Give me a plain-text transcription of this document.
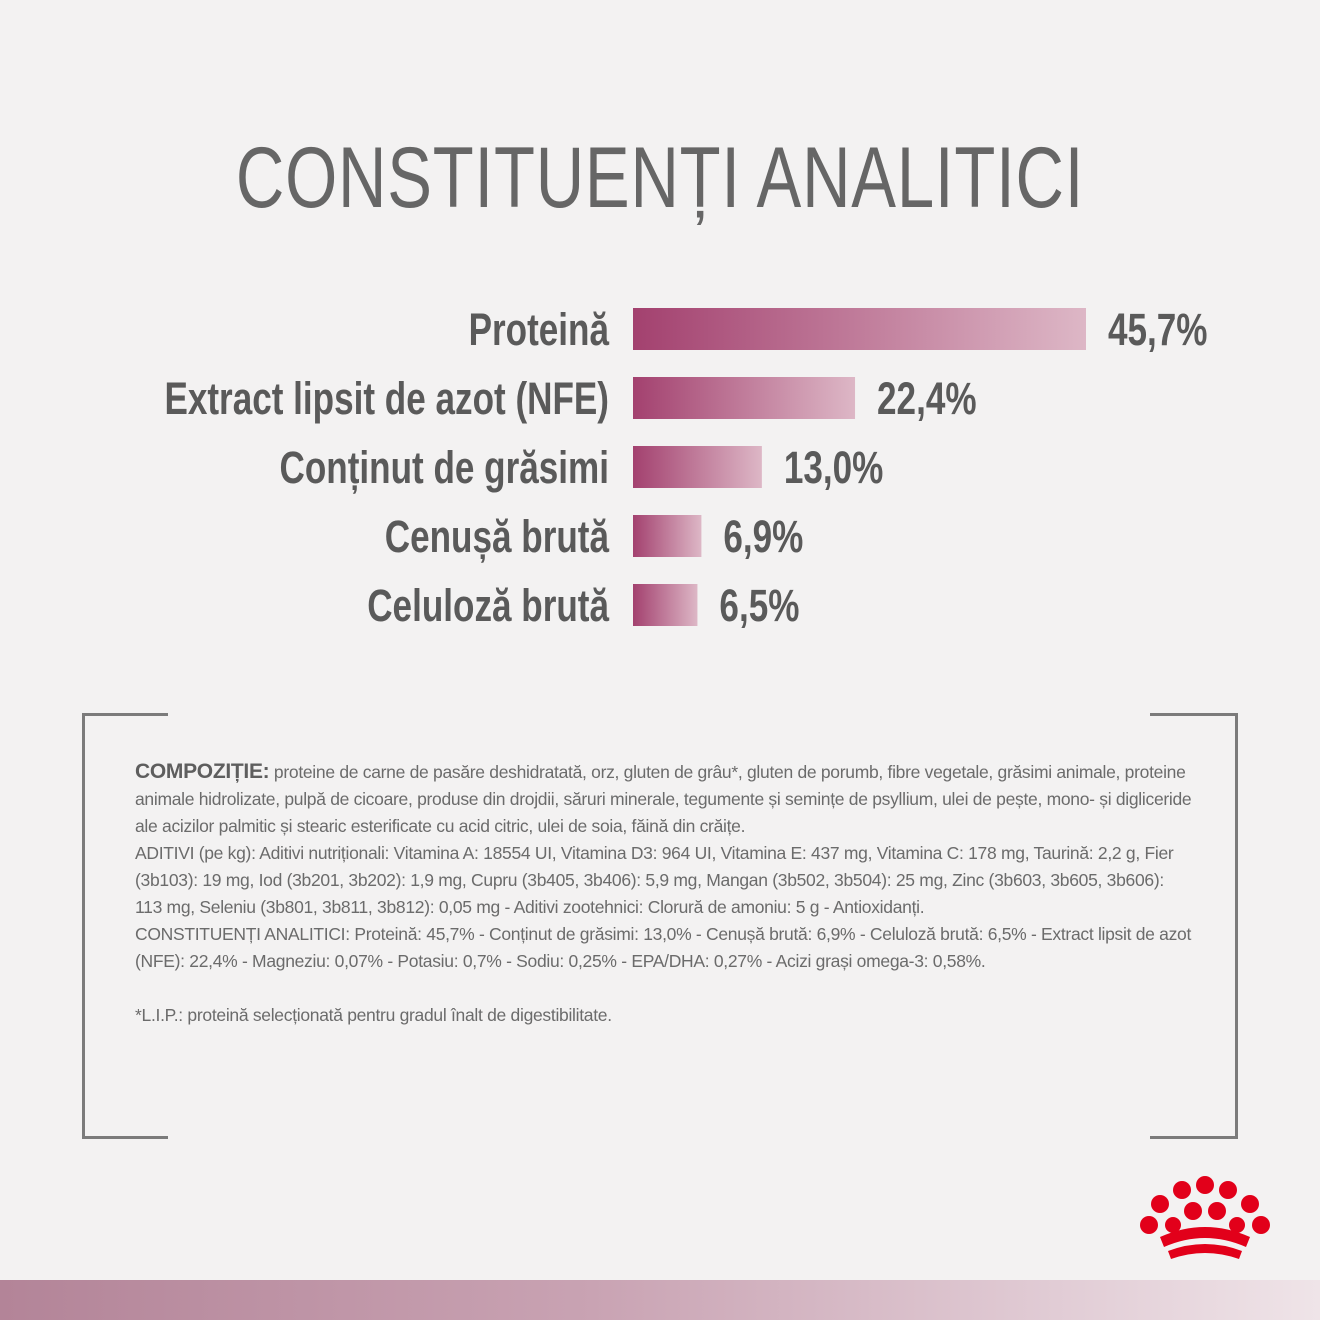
CONSTITUENȚI ANALITICI
Proteină	45,7%
Extract lipsit de azot (NFE)	22,4%
Conținut de grăsimi	13,0%
Cenușă brută	6,9%
Celuloză brută 6,5%

COMPOZIȚIE: proteine de carne de pasăre deshidratată, orz, gluten de grâu*, gluten de porumb, fibre vegetale, grăsimi animale, proteine animale hidrolizate, pulpă de cicoare, produse din drojdii, săruri minerale, tegumente și semințe de psyllium, ulei de pește, mono- și digliceride ale acizilor palmitic și stearic esterificate cu acid citric, ulei de soia, făină din crăițe.

ADITIVI (pe kg): Aditivi nutriționali: Vitamina A: 18554 UI, Vitamina D3: 964 UI, Vitamina E: 437 mg, Vitamina C: 178 mg, Taurină: 2,2 g, Fier (3b103): 19 mg, Iod (3b201, 3b202): 1,9 mg, Cupru (3b405, 3b406): 5,9 mg, Mangan (3b502, 3b504): 25 mg, Zinc (3b603, 3b605, 3b606): 113 mg, Seleniu (3b801, 3b811, 3b812): 0,05 mg - Aditivi zootehnici: Clorură de amoniu: 5 g - Antioxidanți.

CONSTITUENȚI ANALITICI: Proteină: 45,7% - Conținut de grăsimi: 13,0% - Cenușă brută: 6,9% - Celuloză brută: 6,5% - Extract lipsit de azot (NFE): 22,4% - Magneziu: 0,07% - Potasiu: 0,7% - Sodiu: 0,25% - EPA/DHA: 0,27% - Acizi grași omega-3: 0,58%.

*L.I.P.: proteină selecționată pentru gradul înalt de digestibilitate.
